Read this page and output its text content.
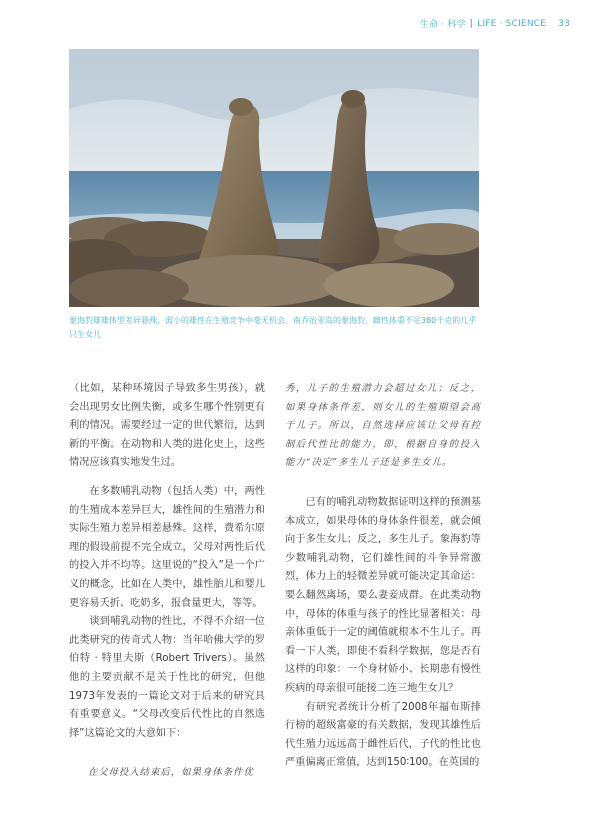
生命 · 科学 | LIFE · SCIENCE 33
象海豹雄雄体型差异悬殊，弱小的雄性在生殖竞争中毫无机会。南乔治亚岛的象海豹，雌性体重不足380千克的几乎只生女儿

（比如，某种环境因子导致多生男孩），就会出现男女比例失衡，或多生哪个性别更有利的情况。需要经过一定的世代繁衍，达到新的平衡。在动物和人类的进化史上，这些情况应该真实地发生过。

在多数哺乳动物（包括人类）中，两性的生殖成本差异巨大，雄性间的生殖潜力和实际生殖力差异相差悬殊。这样，费希尔原理的假设前提不完全成立，父母对两性后代的投入并不均等。这里说的“投入”是一个广义的概念，比如在人类中，雄性胎儿和婴儿更容易夭折、吃奶多，报食量更大，等等。

谈到哺乳动物的性比，不得不介绍一位此类研究的传奇式人物：当年哈佛大学的罗伯特 · 特里夫斯（Robert Trivers）。虽然他的主要贡献不是关于性比的研究，但他1973年发表的一篇论文对于后来的研究具有重要意义。“父母改变后代性比的自然选择”这篇论文的大意如下：

在父母投入结束后，如果身体条件优

秀，儿子的生殖潜力会超过女儿；反之，如果身体条件差，则女儿的生殖期望会高于儿子。所以，自然选择应该让父母有控制后代性比的能力，即，根据自身的投入能力“决定”多生儿子还是多生女儿。

已有的哺乳动物数据证明这样的预测基本成立，如果母体的身体条件很差，就会倾向于多生女儿；反之，多生儿子。象海豹等少数哺乳动物，它们雄性间的斗争异常激烈，体力上的轻微差异就可能决定其命运：要么翻然离场，要么妻妾成群。在此类动物中，母体的体重与孩子的性比显著相关：母亲体重低于一定的阈值就根本不生儿子。再看一下人类，即使不看科学数据，您是否有这样的印象：一个身材娇小、长期患有慢性疾病的母亲很可能接二连三地生女儿？

有研究者统计分析了2008年福布斯排行榜的超级富豪的有关数据，发现其雄性后代生殖力远远高于雌性后代，子代的性比也严重偏离正常值，达到150∶100。在英国的
